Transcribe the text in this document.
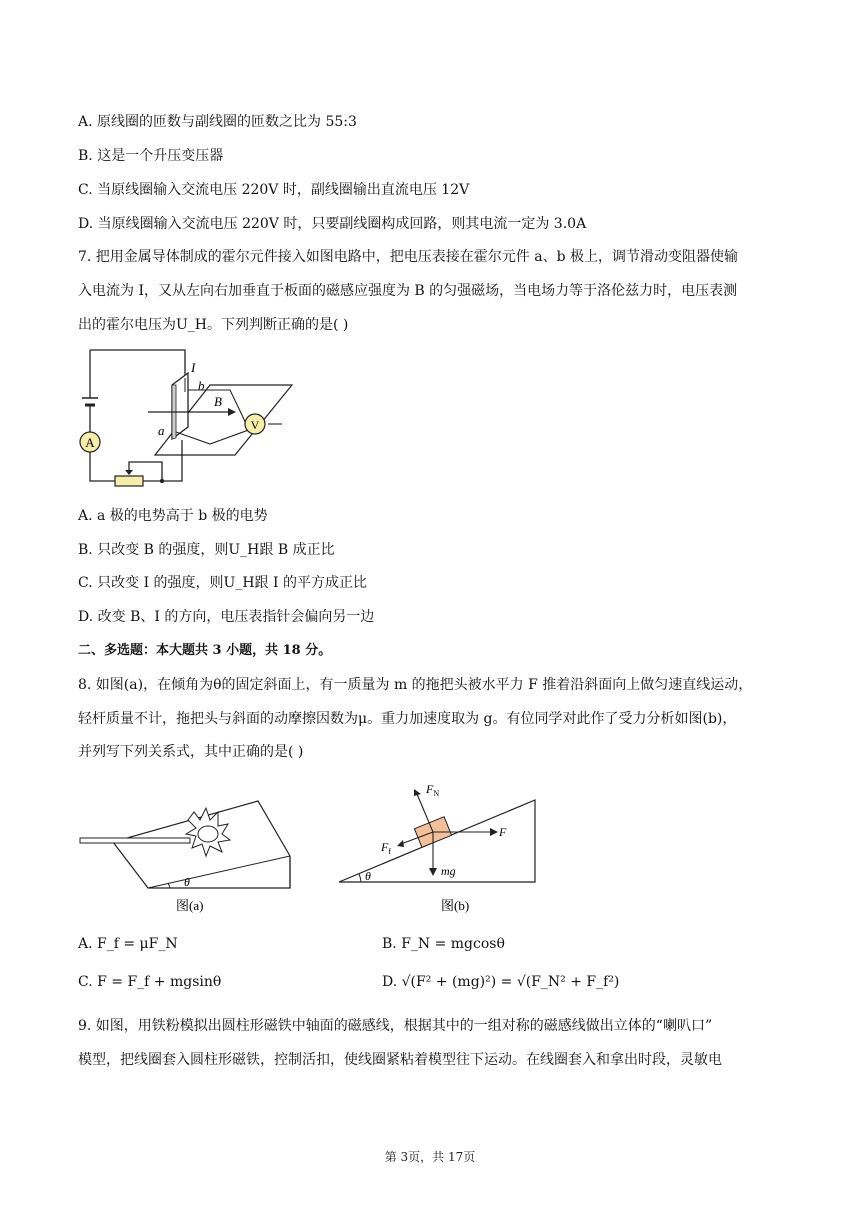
A. 原线圈的匝数与副线圈的匝数之比为 55:3
B. 这是一个升压变压器
C. 当原线圈输入交流电压 220V 时，副线圈输出直流电压 12V
D. 当原线圈输入交流电压 220V 时，只要副线圈构成回路，则其电流一定为 3.0A
7. 把用金属导体制成的霍尔元件接入如图电路中，把电压表接在霍尔元件 a、b 极上，调节滑动变阻器使输
入电流为 I，又从左向右加垂直于板面的磁感应强度为 B 的匀强磁场，当电场力等于洛伦兹力时，电压表测
出的霍尔电压为U_H。下列判断正确的是( )
A
I
b
B
a	V
A. a 极的电势高于 b 极的电势
B. 只改变 B 的强度，则U_H跟 B 成正比
C. 只改变 I 的强度，则U_H跟 I 的平方成正比
D. 改变 B、I 的方向，电压表指针会偏向另一边
二、多选题：本大题共 3 小题，共 18 分。
8. 如图(a)，在倾角为θ的固定斜面上，有一质量为 m 的拖把头被水平力 F 推着沿斜面向上做匀速直线运动，
轻杆质量不计，拖把头与斜面的动摩擦因数为μ。重力加速度取为 g。有位同学对此作了受力分析如图(b)，
并列写下列关系式，其中正确的是( )
θ
图(a)
$F_N$
F
$F_f$
mg
θ
图(b)
A. F_f = μF_N	B. F_N = mgcosθ
C. F = F_f + mgsinθ	D. √(F² + (mg)²) = √(F_N² + F_f²)
9. 如图，用铁粉模拟出圆柱形磁铁中轴面的磁感线，根据其中的一组对称的磁感线做出立体的“喇叭口”
模型，把线圈套入圆柱形磁铁，控制活扣，使线圈紧粘着模型往下运动。在线圈套入和拿出时段，灵敏电
第 3页，共 17页
